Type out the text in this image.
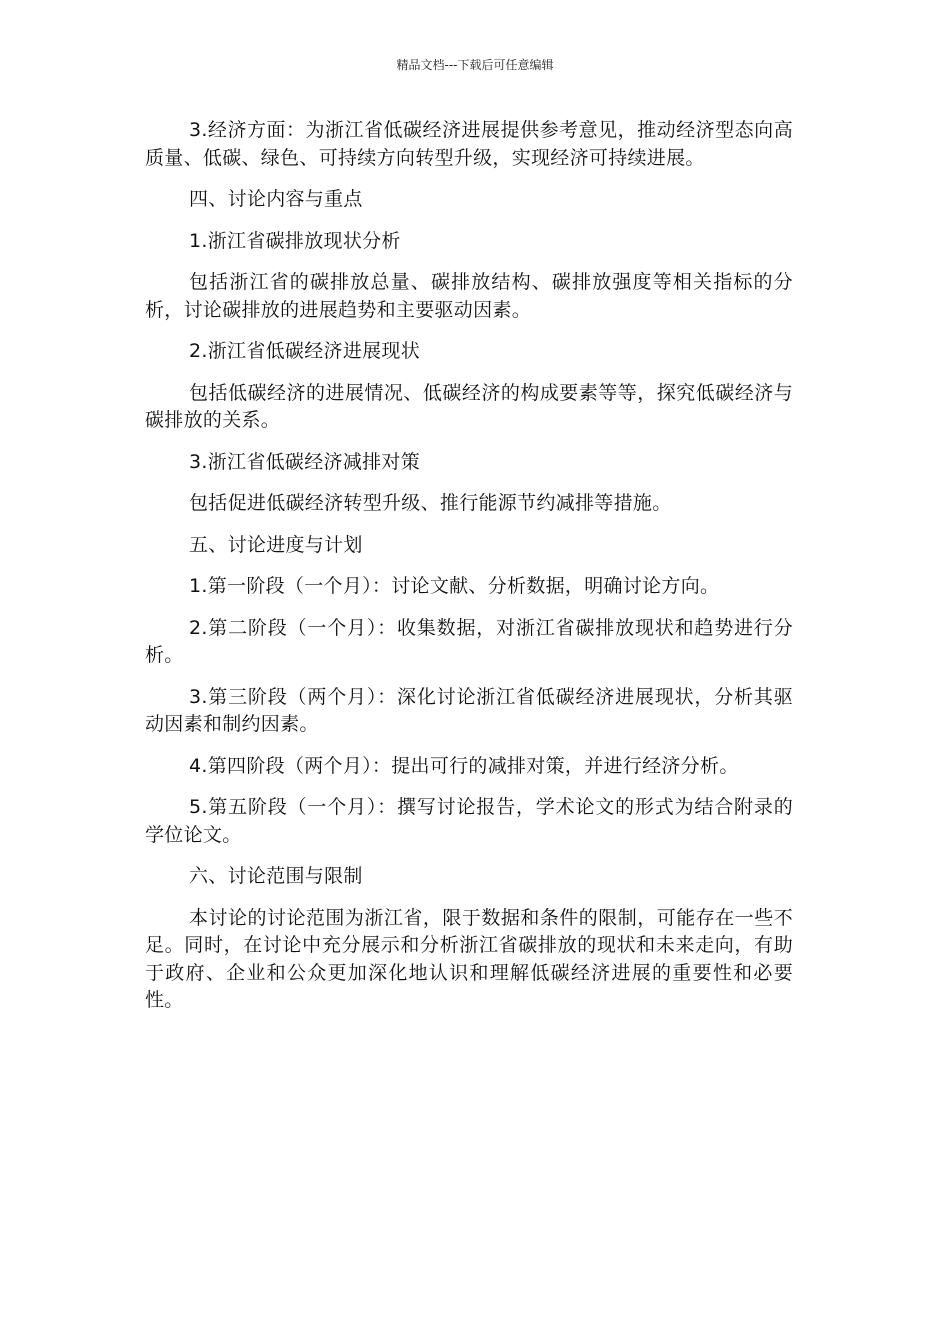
精品文档---下载后可任意编辑

3.经济方面：为浙江省低碳经济进展提供参考意见，推动经济型态向高质量、低碳、绿色、可持续方向转型升级，实现经济可持续进展。

四、讨论内容与重点

1.浙江省碳排放现状分析

包括浙江省的碳排放总量、碳排放结构、碳排放强度等相关指标的分析，讨论碳排放的进展趋势和主要驱动因素。

2.浙江省低碳经济进展现状

包括低碳经济的进展情况、低碳经济的构成要素等等，探究低碳经济与碳排放的关系。

3.浙江省低碳经济减排对策

包括促进低碳经济转型升级、推行能源节约减排等措施。

五、讨论进度与计划

1.第一阶段（一个月）：讨论文献、分析数据，明确讨论方向。

2.第二阶段（一个月）：收集数据，对浙江省碳排放现状和趋势进行分析。

3.第三阶段（两个月）：深化讨论浙江省低碳经济进展现状，分析其驱动因素和制约因素。

4.第四阶段（两个月）：提出可行的减排对策，并进行经济分析。

5.第五阶段（一个月）：撰写讨论报告，学术论文的形式为结合附录的学位论文。

六、讨论范围与限制

本讨论的讨论范围为浙江省，限于数据和条件的限制，可能存在一些不足。同时，在讨论中充分展示和分析浙江省碳排放的现状和未来走向，有助于政府、企业和公众更加深化地认识和理解低碳经济进展的重要性和必要性。
